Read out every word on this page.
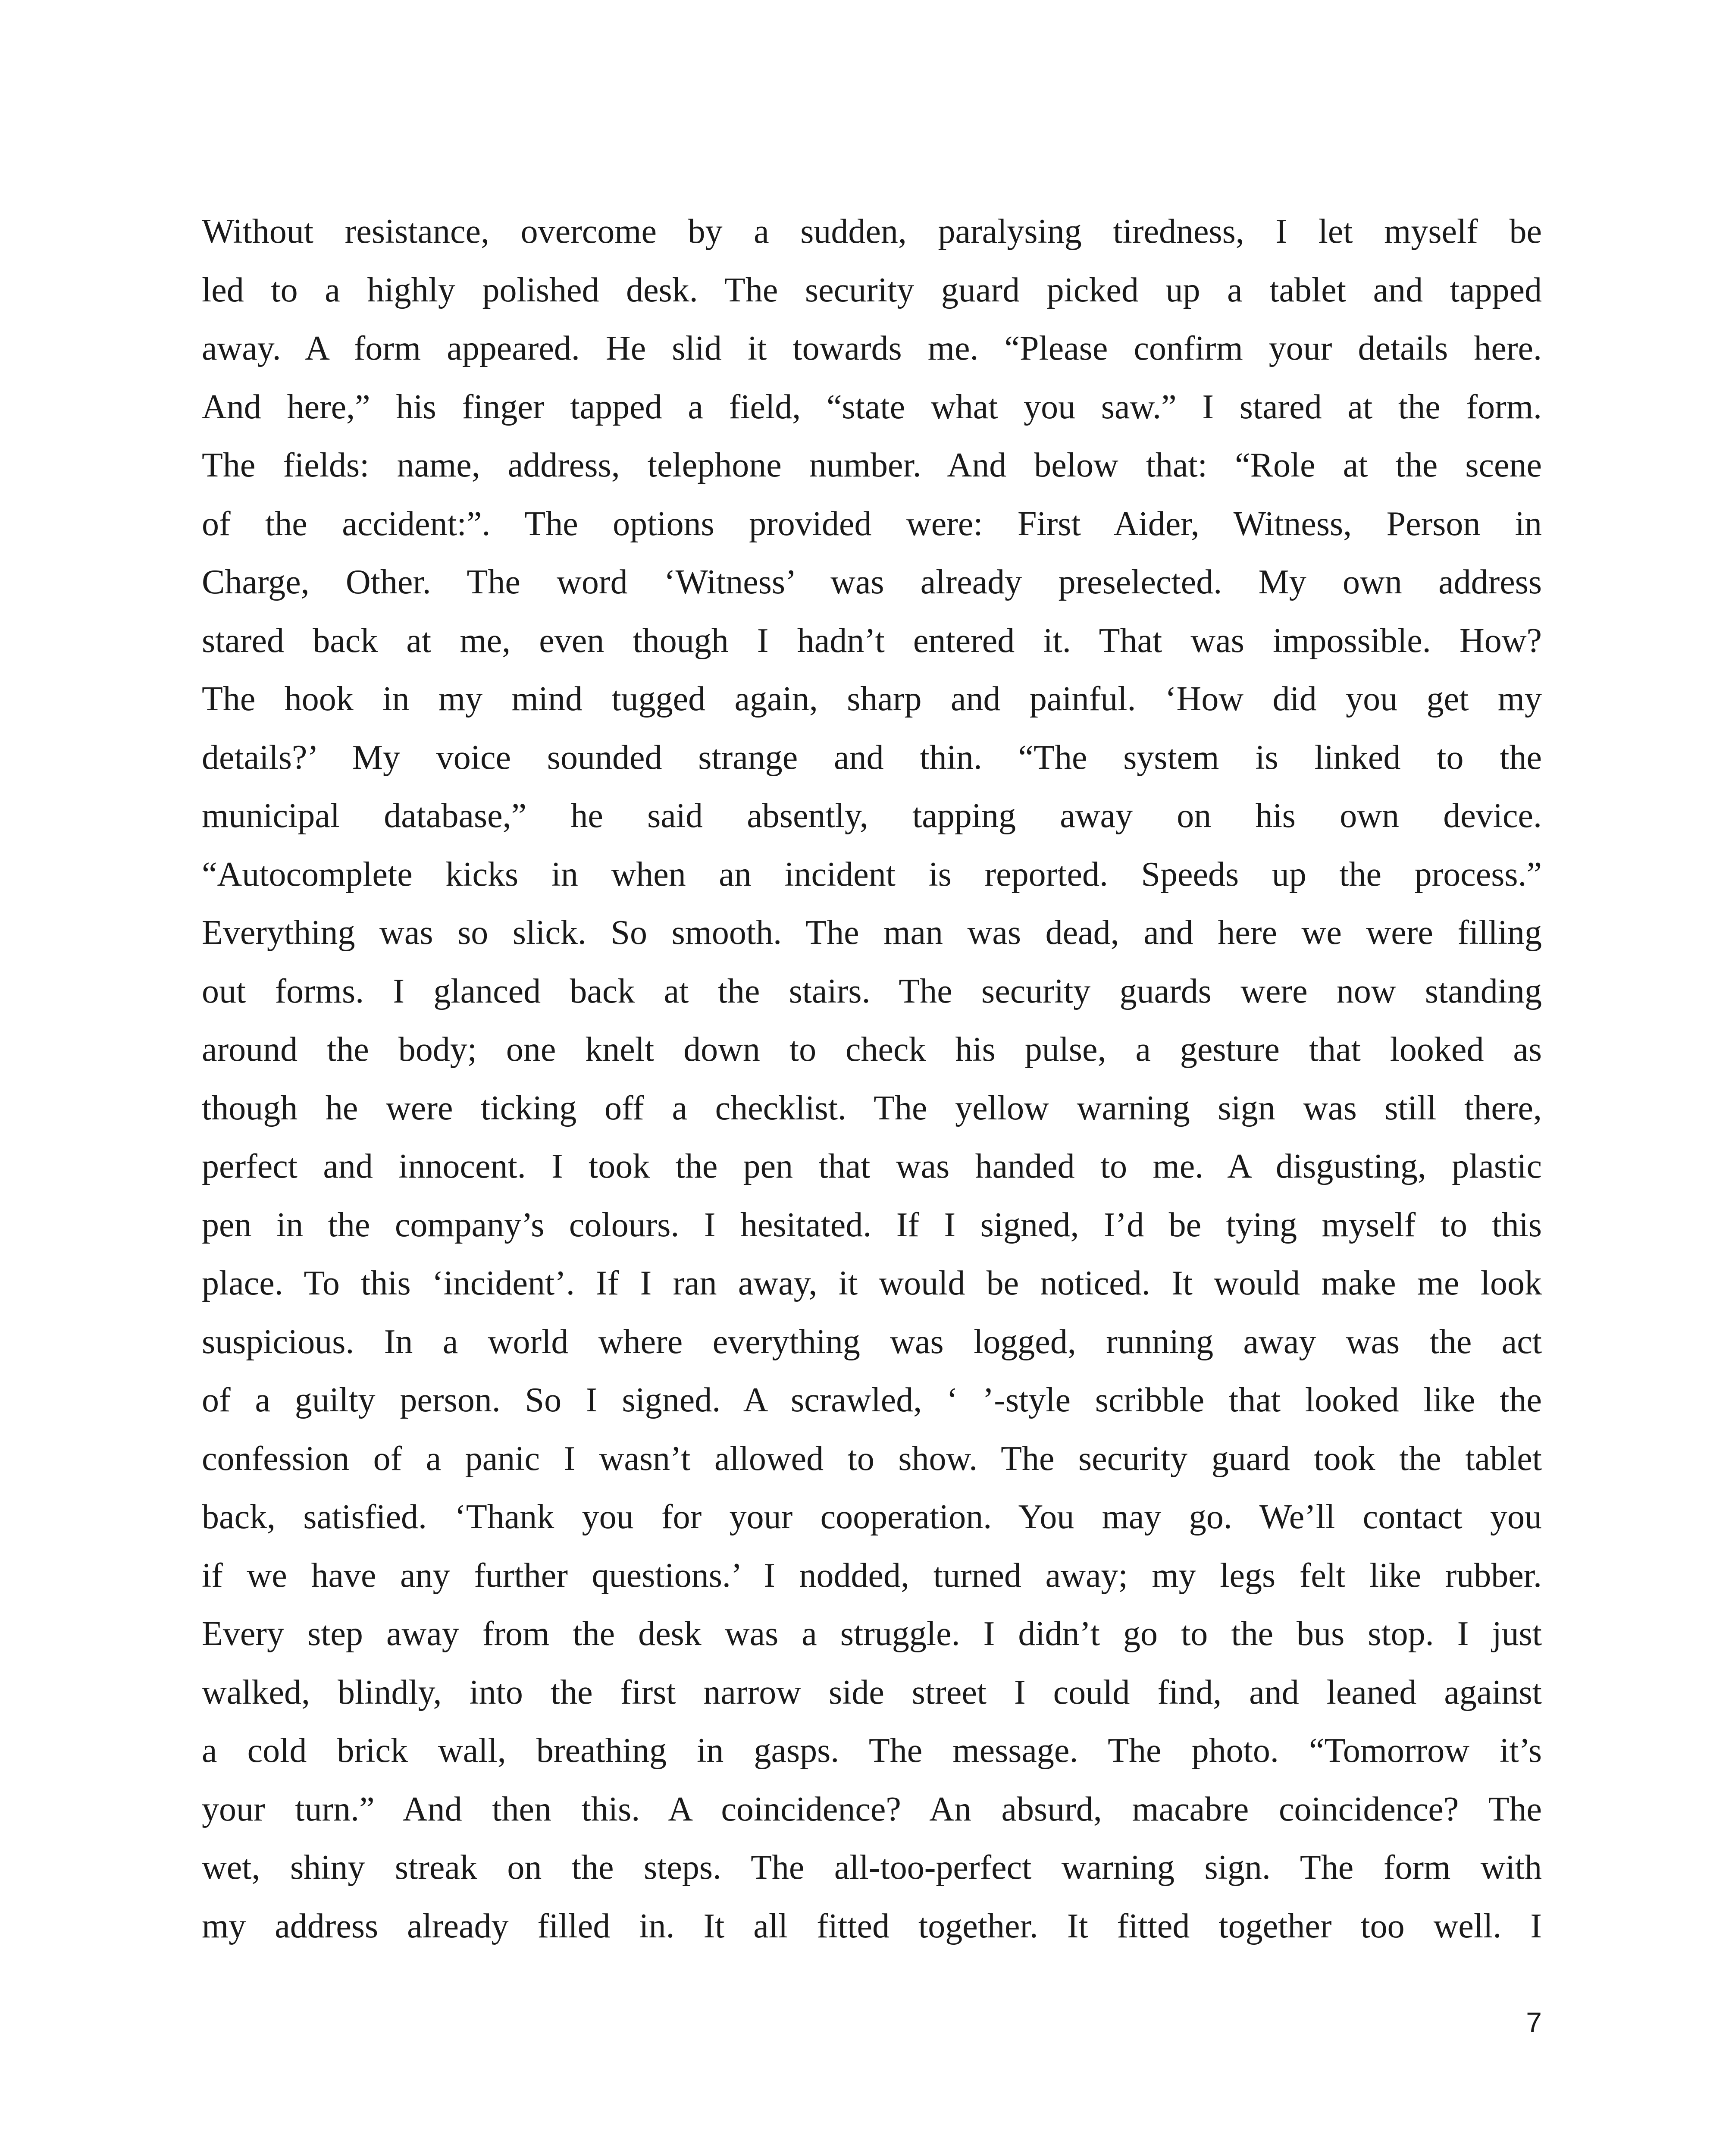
Without resistance, overcome by a sudden, paralysing tiredness, I let myself be
led to a highly polished desk. The security guard picked up a tablet and tapped
away. A form appeared. He slid it towards me. “Please confirm your details here.
And here,” his finger tapped a field, “state what you saw.” I stared at the form.
The fields: name, address, telephone number. And below that: “Role at the scene
of the accident:”. The options provided were: First Aider, Witness, Person in
Charge, Other. The word ‘Witness’ was already preselected. My own address
stared back at me, even though I hadn’t entered it. That was impossible. How?
The hook in my mind tugged again, sharp and painful. ‘How did you get my
details?’ My voice sounded strange and thin. “The system is linked to the
municipal database,” he said absently, tapping away on his own device.
“Autocomplete kicks in when an incident is reported. Speeds up the process.”
Everything was so slick. So smooth. The man was dead, and here we were filling
out forms. I glanced back at the stairs. The security guards were now standing
around the body; one knelt down to check his pulse, a gesture that looked as
though he were ticking off a checklist. The yellow warning sign was still there,
perfect and innocent. I took the pen that was handed to me. A disgusting, plastic
pen in the company’s colours. I hesitated. If I signed, I’d be tying myself to this
place. To this ‘incident’. If I ran away, it would be noticed. It would make me look
suspicious. In a world where everything was logged, running away was the act
of a guilty person. So I signed. A scrawled, ‘ ’-style scribble that looked like the
confession of a panic I wasn’t allowed to show. The security guard took the tablet
back, satisfied. ‘Thank you for your cooperation. You may go. We’ll contact you
if we have any further questions.’ I nodded, turned away; my legs felt like rubber.
Every step away from the desk was a struggle. I didn’t go to the bus stop. I just
walked, blindly, into the first narrow side street I could find, and leaned against
a cold brick wall, breathing in gasps. The message. The photo. “Tomorrow it’s
your turn.” And then this. A coincidence? An absurd, macabre coincidence? The
wet, shiny streak on the steps. The all-too-perfect warning sign. The form with
my address already filled in. It all fitted together. It fitted together too well. I
7
